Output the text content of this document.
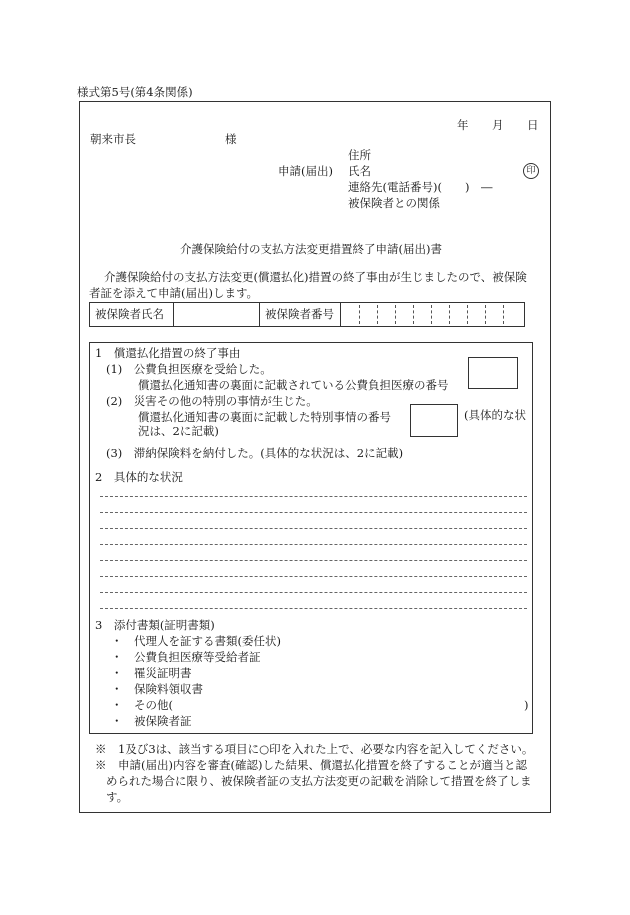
様式第5号(第4条関係)
年 月 日
朝来市長	様
住所
申請(届出) 氏名	印
連絡先(電話番号)(　　)　―
被保険者との関係
介護保険給付の支払方法変更措置終了申請(届出)書
介護保険給付の支払方法変更(償還払化)措置の終了事由が生じましたので、被保険
者証を添えて申請(届出)します。
被保険者氏名	被保険者番号
1　償還払化措置の終了事由
(1)　公費負担医療を受給した。
償還払化通知書の裏面に記載されている公費負担医療の番号
(2)　災害その他の特別の事情が生じた。
償還払化通知書の裏面に記載した特別事情の番号	(具体的な状
況は、2に記載)
(3)　滞納保険料を納付した。(具体的な状況は、2に記載)
2　具体的な状況
3　添付書類(証明書類)
・　代理人を証する書類(委任状)
・　公費負担医療等受給者証
・　罹災証明書
・　保険料領収書
・　その他(	)
・　被保険者証
※　1及び3は、該当する項目に○印を入れた上で、必要な内容を記入してください。
※　申請(届出)内容を審査(確認)した結果、償還払化措置を終了することが適当と認
められた場合に限り、被保険者証の支払方法変更の記載を消除して措置を終了しま
す。
